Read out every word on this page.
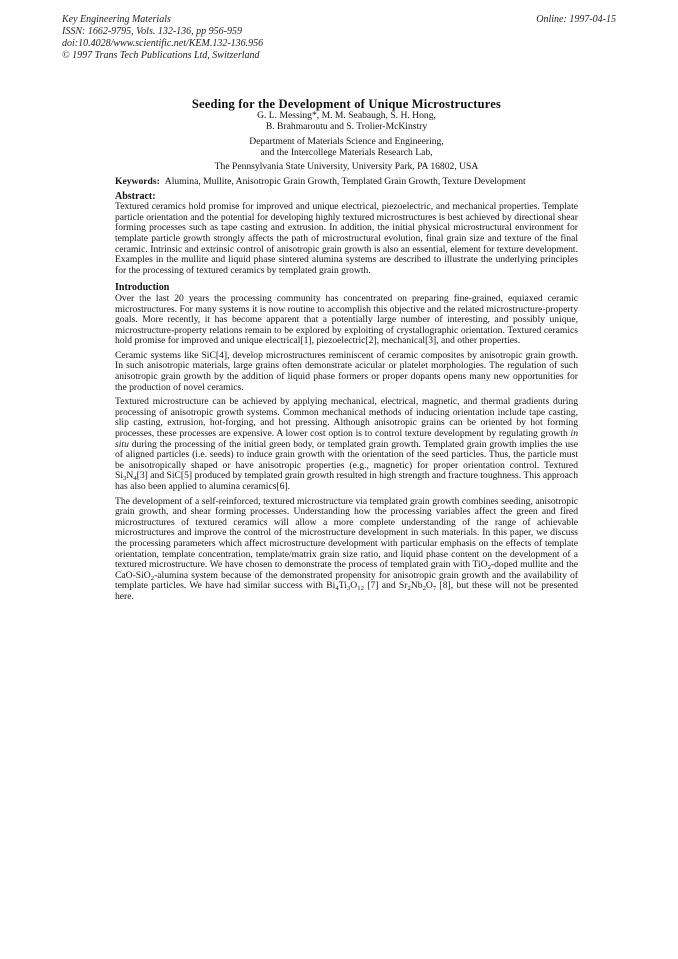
Key Engineering Materials
ISSN: 1662-9795, Vols. 132-136, pp 956-959
doi:10.4028/www.scientific.net/KEM.132-136.956
© 1997 Trans Tech Publications Ltd, Switzerland
Online: 1997-04-15
Seeding for the Development of Unique Microstructures
G. L. Messing*, M. M. Seabaugh, S. H. Hong,
B. Brahmaroutu and S. Trolier-McKinstry
Department of Materials Science and Engineering,
and the Intercollege Materials Research Lab,
The Pennsylvania State University, University Park, PA 16802, USA
Keywords: Alumina, Mullite, Anisotropic Grain Growth, Templated Grain Growth, Texture Development
Abstract:

Textured ceramics hold promise for improved and unique electrical, piezoelectric, and mechanical properties. Template particle orientation and the potential for developing highly textured microstructures is best achieved by directional shear forming processes such as tape casting and extrusion. In addition, the initial physical microstructural environment for template particle growth strongly affects the path of microstructural evolution, final grain size and texture of the final ceramic. Intrinsic and extrinsic control of anisotropic grain growth is also an essential, element for texture development. Examples in the mullite and liquid phase sintered alumina systems are described to illustrate the underlying principles for the processing of textured ceramics by templated grain growth.

Introduction

Over the last 20 years the processing community has concentrated on preparing fine-grained, equiaxed ceramic microstructures. For many systems it is now routine to accomplish this objective and the related microstructure-property goals. More recently, it has become apparent that a potentially large number of interesting, and possibly unique, microstructure-property relations remain to be explored by exploiting of crystallographic orientation. Textured ceramics hold promise for improved and unique electrical[1], piezoelectric[2], mechanical[3], and other properties.

Ceramic systems like SiC[4], develop microstructures reminiscent of ceramic composites by anisotropic grain growth. In such anisotropic materials, large grains often demonstrate acicular or platelet morphologies. The regulation of such anisotropic grain growth by the addition of liquid phase formers or proper dopants opens many new opportunities for the production of novel ceramics.

Textured microstructure can be achieved by applying mechanical, electrical, magnetic, and thermal gradients during processing of anisotropic growth systems. Common mechanical methods of inducing orientation include tape casting, slip casting, extrusion, hot-forging, and hot pressing. Although anisotropic grains can be oriented by hot forming processes, these processes are expensive. A lower cost option is to control texture development by regulating growth in situ during the processing of the initial green body, or templated grain growth. Templated grain growth implies the use of aligned particles (i.e. seeds) to induce grain growth with the orientation of the seed particles. Thus, the particle must be anisotropically shaped or have anisotropic properties (e.g., magnetic) for proper orientation control. Textured $Si_3N_4[3]$ and SiC[5] produced by templated grain growth resulted in high strength and fracture toughness. This approach has also been applied to alumina ceramics[6].

The development of a self-reinforced, textured microstructure via templated grain growth combines seeding, anisotropic grain growth, and shear forming processes. Understanding how the processing variables affect the green and fired microstructures of textured ceramics will allow a more complete understanding of the range of achievable microstructures and improve the control of the microstructure development in such materials. In this paper, we discuss the processing parameters which affect microstructure development with particular emphasis on the effects of template orientation, template concentration, template/matrix grain size ratio, and liquid phase content on the development of a textured microstructure. We have chosen to demonstrate the process of templated grain with TiO$_2$-doped mullite and the CaO-SiO$_2$-alumina system because of the demonstrated propensity for anisotropic grain growth and the availability of template particles. We have had similar success with $Bi_4Ti_3O_{12}$ [7] and $Sr_2Nb_2O_7$ [8], but these will not be presented here.
